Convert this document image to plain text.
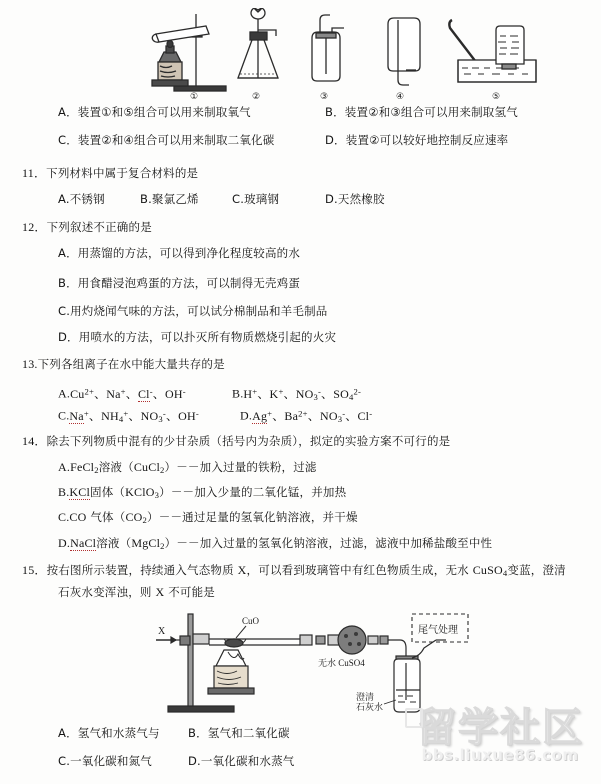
①	②	③	④	⑤
A．装置①和⑤组合可以用来制取氧气	B．装置②和③组合可以用来制取氢气
C．装置②和④组合可以用来制取二氧化碳	D．装置②可以较好地控制反应速率
11．下列材料中属于复合材料的是
A.不锈钢	B.聚氯乙烯	C.玻璃钢	D.天然橡胶
12．下列叙述不正确的是
A．用蒸馏的方法，可以得到净化程度较高的水
B．用食醋浸泡鸡蛋的方法，可以制得无壳鸡蛋
C.用灼烧闻气味的方法，可以试分棉制品和羊毛制品
D．用喷水的方法，可以扑灭所有物质燃烧引起的火灾
13.下列各组离子在水中能大量共存的是
$A.Cu^{2+}$、Na+、Cl-、OH-	B.H+、K+、$NO_3^-$、$SO_4^{2-}$
C.Na+、$NH_4^+$、$NO_3^-$、OH-	D.Ag+、$Ba^{2+}$、$NO_3^-$、Cl-
14．除去下列物质中混有的少甘杂质（括号内为杂质），拟定的实验方案不可行的是
A.FeCl$_2$溶液（CuCl$_2$）－－加入过量的铁粉，过滤
B.KCl固体（KClO$_3$）－－加入少量的二氧化锰，并加热
C.CO 气体$(CO_2)--$通过足量的氢氧化钠溶液，并干燥
D.NaCl溶液（MgCl$_2$）－－加入过量的氢氧化钠溶液，过滤，滤液中加稀盐酸至中性
15．按右图所示装置，持续通入气态物质 X，可以看到玻璃管中有红色物质生成，无水 CuSO$_4$变蓝，澄清
石灰水变浑浊，则 X 不可能是
X
CuO
无水 CuSO4
澄清
石灰水
尾气处理
A．氢气和水蒸气与 B．氢气和二氧化碳
C.一氧化碳和氮气	D.一氧化碳和水蒸气
留学社区
bbs.liuxue86.com
